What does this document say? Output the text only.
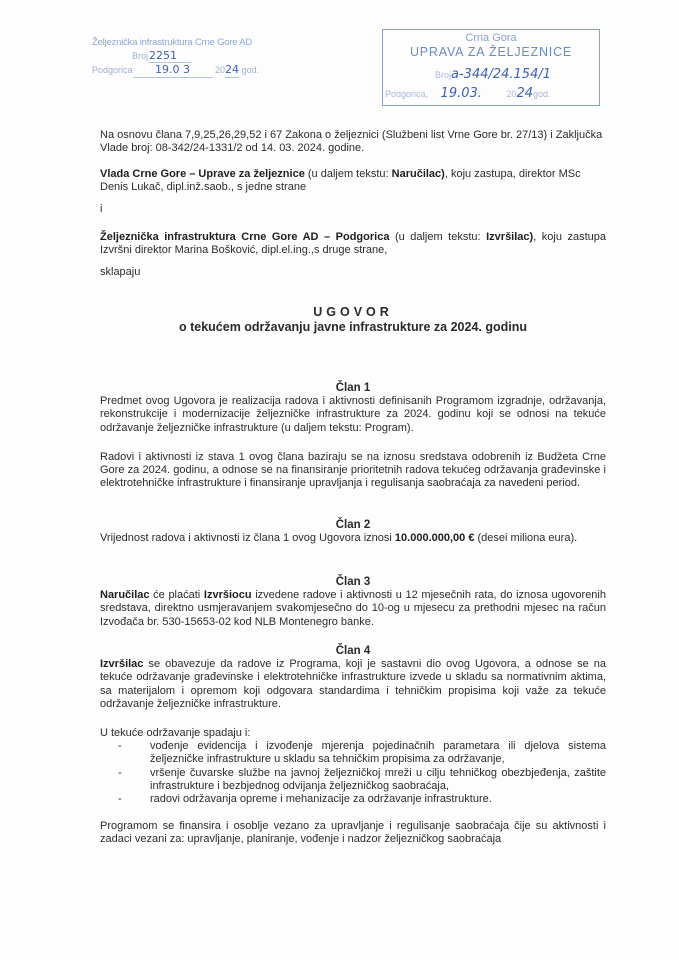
Željeznička infrastruktura Crne Gore AD
Broj2251
Podgorica 19.0 3	2024 god.
Crna Gora
UPRAVA ZA ŽELJEZNICE
Broja-344/24.154/1
Podgorica, 19.03.	2024god.
Na osnovu člana 7,9,25,26,29,52 i 67 Zakona o željeznici (Službeni list Vrne Gore br. 27/13) i Zaključka Vlade broj: 08-342/24-1331/2 od 14. 03. 2024. godine.
Vlada Crne Gore – Uprave za željeznice (u daljem tekstu: Naručilac), koju zastupa, direktor MSc Denis Lukač, dipl.inž.saob., s jedne strane
i
Željeznička infrastruktura Crne Gore AD – Podgorica (u daljem tekstu: Izvršilac), koju zastupa Izvršni direktor Marina Bošković, dipl.el.ing.,s druge strane,
sklapaju
UGOVOR
o tekućem održavanju javne infrastrukture za 2024. godinu
Član 1
Predmet ovog Ugovora je realizacija radova i aktivnosti definisanih Programom izgradnje, održavanja, rekonstrukcije i modernizacije željezničke infrastrukture za 2024. godinu koji se odnosi na tekuće održavanje željezničke infrastrukture (u daljem tekstu: Program).
Radovi i aktivnosti iz stava 1 ovog člana baziraju se na iznosu sredstava odobrenih iz Budžeta Crne Gore za 2024. godinu, a odnose se na finansiranje prioritetnih radova tekućeg održavanja građevinske i elektrotehničke infrastrukture i finansiranje upravljanja i regulisanja saobraćaja za navedeni period.
Član 2
Vrijednost radova i aktivnosti iz člana 1 ovog Ugovora iznosi 10.000.000,00 € (desei miliona eura).
Član 3
Naručilac će plaćati Izvršiocu izvedene radove i aktivnosti u 12 mjesečnih rata, do iznosa ugovorenih sredstava, direktno usmjeravanjem svakomjesečno do 10-og u mjesecu za prethodni mjesec na račun Izvođača br. 530-15653-02 kod NLB Montenegro banke.
Član 4
Izvršilac se obavezuje da radove iz Programa, koji je sastavni dio ovog Ugovora, a odnose se na tekuće održavanje građevinske i elektrotehničke infrastrukture izvede u skladu sa normativnim aktima, sa materijalom i opremom koji odgovara standardima i tehničkim propisima koji važe za tekuće održavanje željezničke infrastrukture.
U tekuće održavanje spadaju i:
-	vođenje evidencija i izvođenje mjerenja pojedinačnih parametara ili djelova sistema željezničke infrastrukture u skladu sa tehničkim propisima za održavanje,
-	vršenje čuvarske službe na javnoj željezničkoj mreži u cilju tehničkog obezbjeđenja, zaštite infrastrukture i bezbjednog odvijanja željezničkog saobraćaja,
-	radovi održavanja opreme i mehanizacije za održavanje infrastrukture.
Programom se finansira i osoblje vezano za upravljanje i regulisanje saobraćaja čije su aktivnosti i zadaci vezani za: upravljanje, planiranje, vođenje i nadzor željezničkog saobraćaja
